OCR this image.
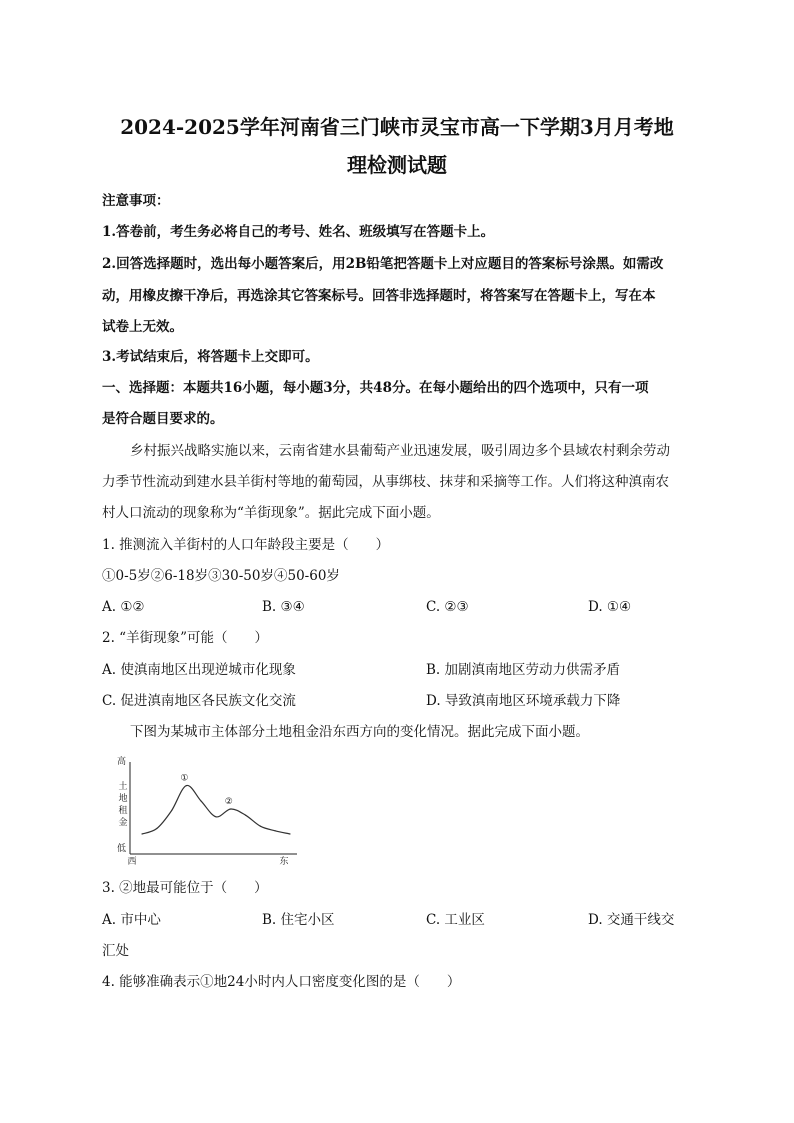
2024-2025学年河南省三门峡市灵宝市高一下学期3月月考地
理检测试题
注意事项：
1.答卷前，考生务必将自己的考号、姓名、班级填写在答题卡上。
2.回答选择题时，选出每小题答案后，用2B铅笔把答题卡上对应题目的答案标号涂黑。如需改
动，用橡皮擦干净后，再选涂其它答案标号。回答非选择题时，将答案写在答题卡上，写在本
试卷上无效。
3.考试结束后，将答题卡上交即可。
一、选择题：本题共16小题，每小题3分，共48分。在每小题给出的四个选项中，只有一项
是符合题目要求的。
乡村振兴战略实施以来，云南省建水县葡萄产业迅速发展，吸引周边多个县域农村剩余劳动
力季节性流动到建水县羊街村等地的葡萄园，从事绑枝、抹芽和采摘等工作。人们将这种滇南农
村人口流动的现象称为“羊街现象”。据此完成下面小题。
1. 推测流入羊街村的人口年龄段主要是（　　）
①0-5岁②6-18岁③30-50岁④50-60岁
A. ①②	B. ③④	C. ②③	D. ①④
2. “羊街现象”可能（　　）
A. 使滇南地区出现逆城市化现象	B. 加剧滇南地区劳动力供需矛盾
C. 促进滇南地区各民族文化交流	D. 导致滇南地区环境承载力下降
下图为某城市主体部分土地租金沿东西方向的变化情况。据此完成下面小题。
高
土
地
租
金
低
西	东
①
②
3. ②地最可能位于（　　）
A. 市中心	B. 住宅小区	C. 工业区	D. 交通干线交
汇处
4. 能够准确表示①地24小时内人口密度变化图的是（　　）
